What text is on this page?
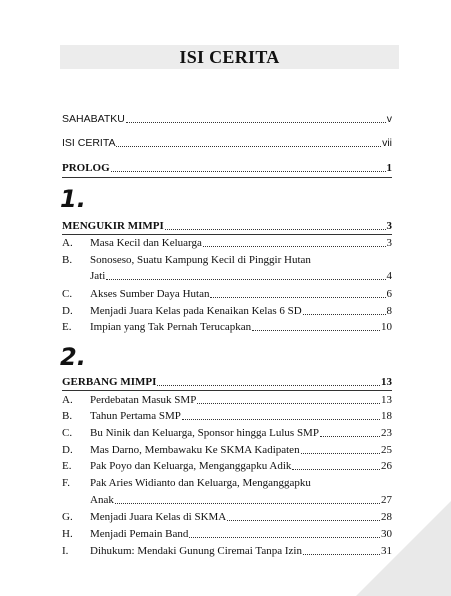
ISI CERITA
SAHABATKU	v
ISI CERITA	vii
PROLOG	1
1.
MENGUKIR MIMPI	3
A.	Masa Kecil dan Keluarga	3
B.	Sonoseso, Suatu Kampung Kecil di Pinggir Hutan
Jati	4
C.	Akses Sumber Daya Hutan	6
D.	Menjadi Juara Kelas pada Kenaikan Kelas 6 SD	8
E.	Impian yang Tak Pernah Terucapkan	10
2.
GERBANG MIMPI	13
A.	Perdebatan Masuk SMP	13
B.	Tahun Pertama SMP	18
C.	Bu Ninik dan Keluarga, Sponsor hingga Lulus SMP	23
D.	Mas Darno, Membawaku Ke SKMA Kadipaten	25
E.	Pak Poyo dan Keluarga, Menganggapku Adik	26
F.	Pak Aries Widianto dan Keluarga, Menganggapku
Anak	27
G.	Menjadi Juara Kelas di SKMA	28
H.	Menjadi Pemain Band	30
I.	Dihukum: Mendaki Gunung Ciremai Tanpa Izin	31
